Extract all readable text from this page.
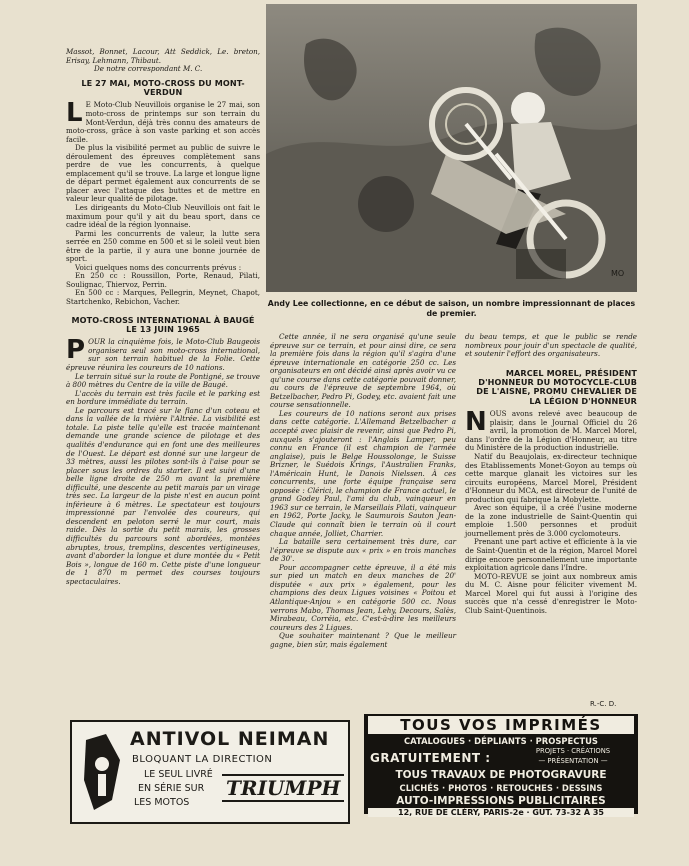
MO
Andy Lee collectionne, en ce début de saison, un nombre impressionnant de places de premier.

Massot, Bonnet, Lacour, Att Seddick, Le. breton, Erisay, Lehmann, Thibaut.

De notre correspondant M. C.

LE 27 MAI, MOTO-CROSS DU MONT-VERDUN

L E Moto-Club Neuvillois organise le 27 mai, son moto-cross de printemps sur son terrain du Mont-Verdun, déjà très connu des amateurs de moto-cross, grâce à son vaste parking et son accès facile.

De plus la visibilité permet au public de suivre le déroulement des épreuves complètement sans perdre de vue les concurrents, à quelque emplacement qu'il se trouve. La large et longue ligne de départ permet également aux concurrents de se placer avec l'attaque des buttes et de mettre en valeur leur qualité de pilotage.

Les dirigeants du Moto-Club Neuvillois ont fait le maximum pour qu'il y ait du beau sport, dans ce cadre idéal de la région lyonnaise.

Parmi les concurrents de valeur, la lutte sera serrée en 250 comme en 500 et si le soleil veut bien être de la partie, il y aura une bonne journée de sport.

Voici quelques noms des concurrents prévus :

En 250 cc : Roussillon, Porte, Renaud, Pilati, Soulignac, Thiervoz, Perrin.

En 500 cc : Marques, Pellegrin, Meynet, Chapot, Startchenko, Rebichon, Vacher.

MOTO-CROSS INTERNATIONAL À BAUGÉ LE 13 JUIN 1965

POUR la cinquième fois, le Moto-Club Baugeois organisera seul son moto-cross international, sur son terrain habituel de la Folie. Cette épreuve réunira les coureurs de 10 nations.

Le terrain situé sur la route de Pontigné, se trouve à 800 mètres du Centre de la ville de Baugé.

L'accès du terrain est très facile et le parking est en bordure immédiate du terrain.

Le parcours est tracé sur le flanc d'un coteau et dans la vallée de la rivière l'Altrée. La visibilité est totale. La piste telle qu'elle est tracée maintenant demande une grande science de pilotage et des qualités d'endurance qui en font une des meilleures de l'Ouest. Le départ est donné sur une largeur de 33 mètres, aussi les pilotes sont-ils à l'aise pour se placer sous les ordres du starter. Il est suivi d'une belle ligne droite de 250 m avant la première difficulté, une descente au petit marais par un virage très sec. La largeur de la piste n'est en aucun point inférieure à 6 mètres. Le spectateur est toujours impressionné par l'envolée des coureurs, qui descendent en peloton serré le mur court, mais raide. Dès la sortie du petit marais, les grosses difficultés du parcours sont abordées, montées abruptes, trous, tremplins, descentes vertigineuses, avant d'aborder la longue et dure montée du « Petit Bois », longue de 160 m. Cette piste d'une longueur de 1 870 m permet des courses toujours spectaculaires.

Cette année, il ne sera organisé qu'une seule épreuve sur ce terrain, et pour ainsi dire, ce sera la première fois dans la région qu'il s'agira d'une épreuve internationale en catégorie 250 cc. Les organisateurs en ont décidé ainsi après avoir vu ce qu'une course dans cette catégorie pouvait donner, au cours de l'épreuve de septembre 1964, où Betzelbacher, Pedro Pi, Godey, etc. avaient fait une course sensationnelle.

Les coureurs de 10 nations seront aux prises dans cette catégorie. L'Allemand Betzelbacher a accepté avec plaisir de revenir, ainsi que Pedro Pi, auxquels s'ajouteront : l'Anglais Lamper, peu connu en France (il est champion de l'armée anglaise), puis le Belge Houssolonge, le Suisse Brizner, le Suédois Krings, l'Australien Franks, l'Américain Hunt, le Danois Nielssen. À ces concurrents, une forte équipe française sera opposée : Clérici, le champion de France actuel, le grand Godey Paul, l'ami du club, vainqueur en 1963 sur ce terrain, le Marseillais Pilati, vainqueur en 1962, Porte Jacky, le Saumurois Sauton Jean-Claude qui connaît bien le terrain où il court chaque année, Jolliet, Charrier.

La bataille sera certainement très dure, car l'épreuve se dispute aux « prix » en trois manches de 30'.

Pour accompagner cette épreuve, il a été mis sur pied un match en deux manches de 20' disputée « aux prix » également, pour les champions des deux Ligues voisines « Poitou et Atlantique-Anjou » en catégorie 500 cc. Nous verrons Mabo, Thomas Jean, Lehy, Decours, Salès, Mirabeau, Corréia, etc. C'est-à-dire les meilleurs coureurs des 2 Ligues.

Que souhaiter maintenant ? Que le meilleur gagne, bien sûr, mais également

du beau temps, et que le public se rende nombreux pour jouir d'un spectacle de qualité, et soutenir l'effort des organisateurs.

MARCEL MOREL, PRÉSIDENT D'HONNEUR DU MOTOCYCLE-CLUB DE L'AISNE, PROMU CHEVALIER DE LA LÉGION D'HONNEUR

NOUS avons relevé avec beaucoup de plaisir, dans le Journal Officiel du 26 avril, la promotion de M. Marcel Morel, dans l'ordre de la Légion d'Honneur, au titre du Ministère de la production industrielle.

Natif du Beaujolais, ex-directeur technique des Etablissements Monet-Goyon au temps où cette marque glanait les victoires sur les circuits européens, Marcel Morel, Président d'Honneur du MCA, est directeur de l'unité de production qui fabrique la Mobylette.

Avec son équipe, il a créé l'usine moderne de la zone industrielle de Saint-Quentin qui emploie 1.500 personnes et produit journellement près de 3.000 cyclomoteurs.

Prenant une part active et efficiente à la vie de Saint-Quentin et de la région, Marcel Morel dirige encore personnellement une importante exploitation agricole dans l'Indre.

MOTO-REVUE se joint aux nombreux amis du M. C. Aisne pour féliciter vivement M. Marcel Morel qui fut aussi à l'origine des succès que n'a cessé d'enregistrer le Moto-Club Saint-Quentinois.

R.-C. D.
ANTIVOL NEIMAN
BLOQUANT LA DIRECTION
LE SEUL LIVRÉ
EN SÉRIE SUR
LES MOTOS
TRIUMPH
TOUS VOS IMPRIMÉS
CATALOGUES · DÉPLIANTS · PROSPECTUS
GRATUITEMENT :	PROJETS · CRÉATIONS
— PRÉSENTATION —
TOUS TRAVAUX DE PHOTOGRAVURE
CLICHÉS · PHOTOS · RETOUCHES · DESSINS
AUTO-IMPRESSIONS PUBLICITAIRES
12, RUE DE CLÉRY, PARIS-2e · GUT. 73-32 À 35
